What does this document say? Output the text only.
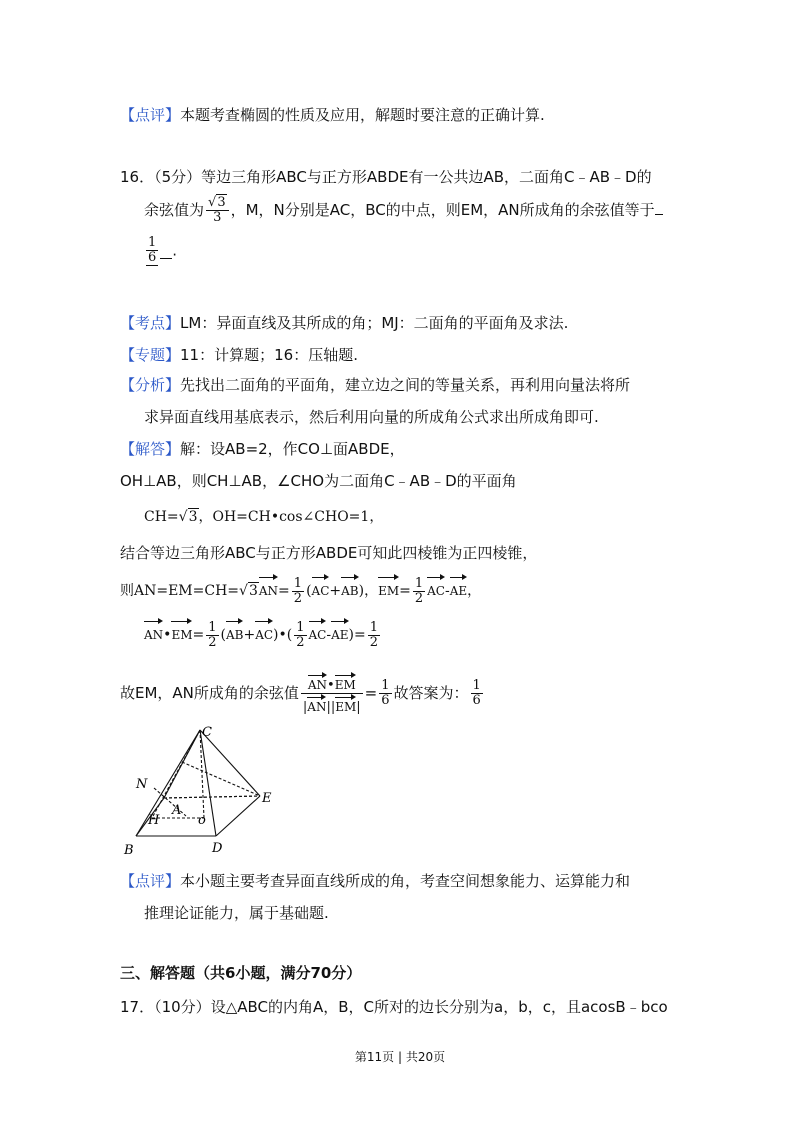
【点评】本题考查椭圆的性质及应用，解题时要注意的正确计算.
16．（5分）等边三角形ABC与正方形ABDE有一公共边AB，二面角C﹣AB﹣D的
余弦值为 $\frac{√3}{3}$ ，M，N分别是AC，BC的中点，则EM，AN所成角的余弦值等于
$\frac{1}{6}$ .
【考点】LM：异面直线及其所成的角；MJ：二面角的平面角及求法.
【专题】11：计算题；16：压轴题.
【分析】先找出二面角的平面角，建立边之间的等量关系，再利用向量法将所
求异面直线用基底表示，然后利用向量的所成角公式求出所成角即可.
【解答】解：设AB=2，作CO⊥面ABDE，
OH⊥AB，则CH⊥AB，∠CHO为二面角C﹣AB﹣D的平面角
CH=√3，OH=CH•cos∠CHO=1，
结合等边三角形ABC与正方形ABDE可知此四棱锥为正四棱锥，
则$AN=EM=CH=√3AN= \frac{1}{2} (AC+AB)$，$EM= \frac{1}{2} AC-AE$，
AN•EM= $\frac{1}{2}$ (AB+AC)•( $\frac{1}{2} AC-AE)= \frac{1}{2}$
故EM，AN所成角的余弦值 $\frac{AN•EM}{|AN||EM|} = \frac{1}{6}$ 故答案为： $\frac{1}{6}$
C
N
A
H	o
E
B	D
【点评】本小题主要考查异面直线所成的角，考查空间想象能力、运算能力和
推理论证能力，属于基础题.
三、解答题（共6小题，满分70分）
17．（10分）设△ABC的内角A，B，C所对的边长分别为a，b，c，且acosB﹣bco
第11页 | 共20页
